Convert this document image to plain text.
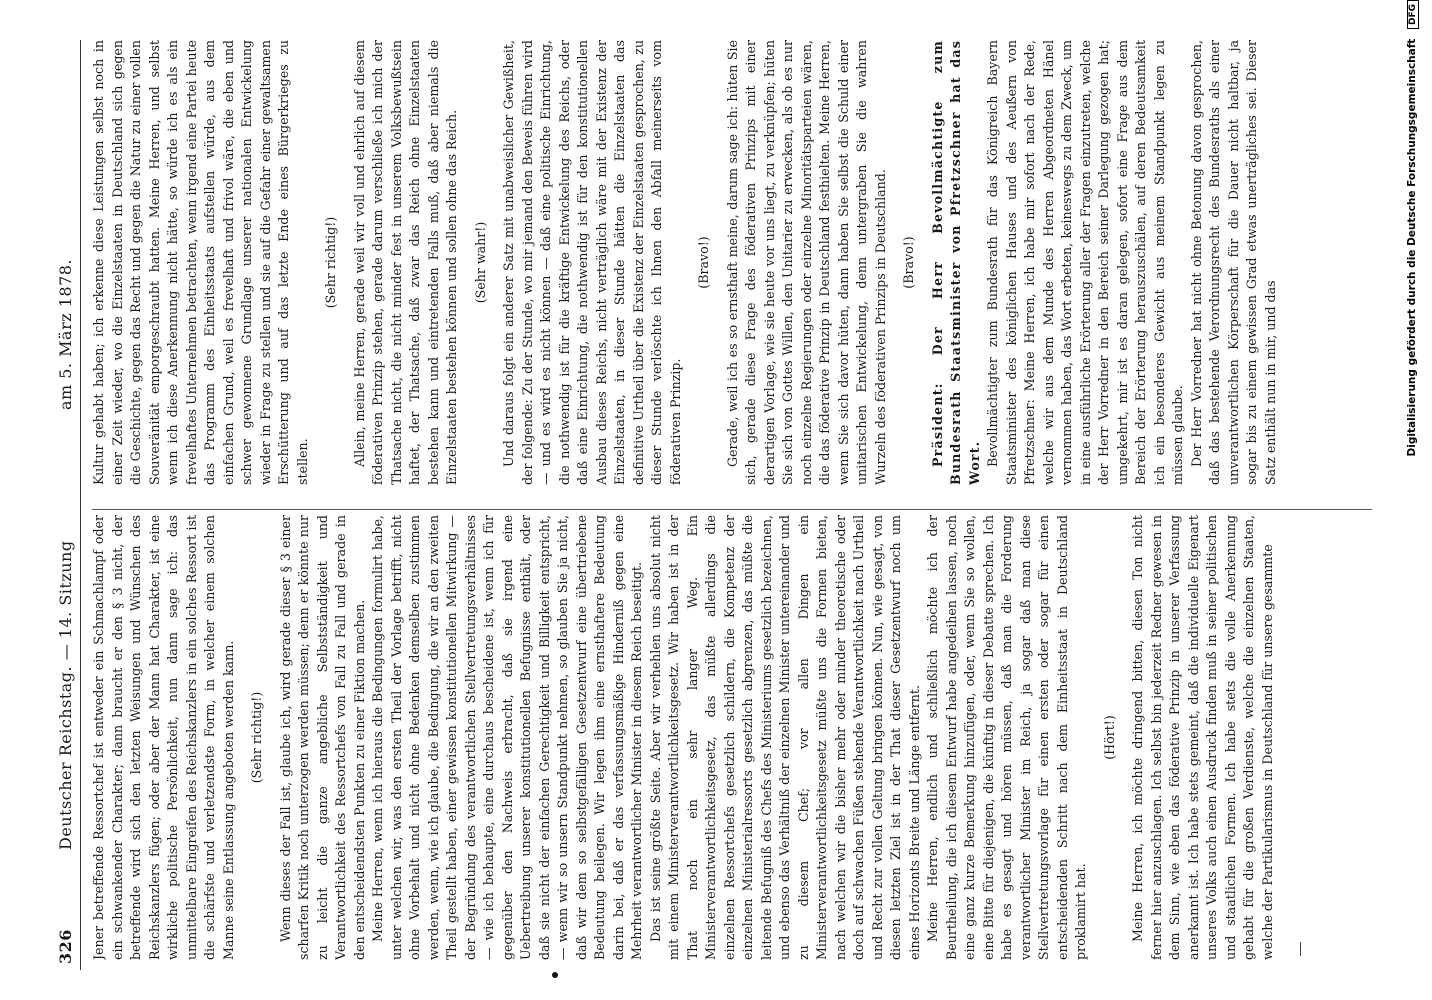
326
Deutscher Reichstag. — 14. Sitzung
am 5. März 1878.

Jener betreffende Ressortchef ist entweder ein Schmachlampf oder ein schwankender Charakter; dann braucht er den § 3 nicht, der betreffende wird sich den letzten Weisungen und Wünschen des Reichskanzlers fügen; oder aber der Mann hat Charakter, ist eine wirkliche politische Persönlichkeit, nun dann sage ich: das unmittelbare Eingreifen des Reichskanzlers in ein solches Ressort ist die schärfste und verletzendste Form, in welcher einem solchen Manne seine Entlassung angeboten werden kann. (Sehr richtig!) Wenn dieses der Fall ist, glaube ich, wird gerade dieser § 3 einer scharfen Kritik noch unterzogen werden müssen; denn er könnte nur zu leicht die ganze angebliche Selbstständigkeit und Verantwortlichkeit des Ressortchefs von Fall zu Fall und gerade in den entscheidendsten Punkten zu einer Fiktion machen. Meine Herren, wenn ich hieraus die Bedingungen formulirt habe, unter welchen wir, was den ersten Theil der Vorlage betrifft, nicht ohne Vorbehalt und nicht ohne Bedenken demselben zustimmen werden, wenn, wie ich glaube, die Bedingung, die wir an den zweiten Theil gestellt haben, einer gewissen konstitutionellen Mitwirkung — der Begründung des verantwortlichen Stellvertretungsverhältnisses — wie ich behaupte, eine durchaus bescheidene ist, wenn ich für gegenüber den Nachweis erbracht, daß sie irgend eine Uebertreibung unserer konstitutionellen Befugnisse enthält, oder daß sie nicht der einfachen Gerechtigkeit und Billigkeit entspricht, — wenn wir so unsern Standpunkt nehmen, so glauben Sie ja nicht, daß wir dem so selbstgefälligen Gesetzentwurf eine übertriebene Bedeutung beilegen. Wir legen ihm eine ernsthaftere Bedeutung darin bei, daß er das verfassungsmäßige Hinderniß gegen eine Mehrheit verantwortlicher Minister in diesem Reich beseitigt. Das ist seine größte Seite. Aber wir verhehlen uns absolut nicht mit einem Ministerverantwortlichkeitsgesetz. Wir haben ist in der That noch ein sehr langer Weg. Ein Ministerverantwortlichkeitsgesetz, das müßte allerdings die einzelnen Ressortchefs gesetzlich schildern, die Kompetenz der einzelnen Ministerialressorts gesetzlich abgrenzen, das müßte die leitende Befugniß des Chefs des Ministeriums gesetzlich bezeichnen, und ebenso das Verhältniß der einzelnen Minister untereinander und zu diesem Chef; vor allen Dingen ein Ministerverantwortlichkeitsgesetz müßte uns die Formen bieten, nach welchen wir die bisher mehr oder minder theoretische oder doch auf schwachen Füßen stehende Verantwortlichkeit nach Urtheil und Recht zur vollen Geltung bringen können. Nun, wie gesagt, von diesen letzten Ziel ist in der That dieser Gesetzentwurf noch um eines Horizonts Breite und Länge entfernt. Meine Herren, endlich und schließlich möchte ich der Beurtheilung, die ich diesem Entwurf habe angedeihen lassen, noch eine ganz kurze Bemerkung hinzufügen, oder, wenn Sie so wollen, eine Bitte für diejenigen, die künftig in dieser Debatte sprechen. Ich habe es gesagt und hören müssen, daß man die Forderung verantwortlicher Minister im Reich, ja sogar daß man diese Stellvertretungsvorlage für einen ersten oder sogar für einen entscheidenden Schritt nach dem Einheitsstaat in Deutschland proklamirt hat.

(Hört!) Meine Herren, ich möchte dringend bitten, diesen Ton nicht ferner hier anzuschlagen. Ich selbst bin jederzeit Redner gewesen in dem Sinn, wie eben das föderative Prinzip in unserer Verfassung anerkannt ist. Ich habe stets gemeint, daß die individuelle Eigenart unseres Volks auch einen Ausdruck finden muß in seiner politischen und staatlichen Formen. Ich habe stets die volle Anerkennung gehabt für die großen Verdienste, welche die einzelnen Staaten, welche der Partikularismus in Deutschland für unsere gesammte

Kultur gehabt haben; ich erkenne diese Leistungen selbst noch in einer Zeit wieder, wo die Einzelstaaten in Deutschland sich gegen die Geschichte, gegen das Recht und gegen die Natur zu einer vollen Souveränität emporgeschraubt hatten. Meine Herren, und selbst wenn ich diese Anerkennung nicht hätte, so würde ich es als ein frevelhaftes Unternehmen betrachten, wenn irgend eine Partei heute das Programm des Einheitsstaats aufstellen würde, aus dem einfachen Grund, weil es frevelhaft und frivol wäre, die eben und schwer gewonnene Grundlage unserer nationalen Entwickelung wieder in Frage zu stellen und sie auf die Gefahr einer gewaltsamen Erschütterung und auf das letzte Ende eines Bürgerkrieges zu stellen.

(Sehr richtig!) Allein, meine Herren, gerade weil wir voll und ehrlich auf diesem föderativen Prinzip stehen, gerade darum verschließe ich mich der Thatsache nicht, die nicht minder fest in unserem Volksbewußtsein haftet, der Thatsache, daß zwar das Reich ohne Einzelstaaten bestehen kann und eintretenden Falls muß, daß aber niemals die Einzelstaaten bestehen können und sollen ohne das Reich. (Sehr wahr!) Und daraus folgt ein anderer Satz mit unabweislicher Gewißheit, der folgende: Zu der Stunde, wo mir jemand den Beweis führen wird — und es wird es nicht können — daß eine politische Einrichtung, die nothwendig ist für die kräftige Entwickelung des Reichs, oder daß eine Einrichtung, die nothwendig ist für den konstitutionellen Ausbau dieses Reichs, nicht verträglich wäre mit der Existenz der Einzelstaaten, in dieser Stunde hätten die Einzelstaaten das definitive Urtheil über die Existenz der Einzelstaaten gesprochen, zu dieser Stunde verlöschte ich Ihnen den Abfall meinerseits vom föderativen Prinzip.

(Bravo!) Gerade, weil ich es so ernsthaft meine, darum sage ich: hüten Sie sich, gerade diese Frage des föderativen Prinzips mit einer derartigen Vorlage, wie sie heute vor uns liegt, zu verknüpfen; hüten Sie sich von Gottes Willen, den Unitarier zu erwecken, als ob es nur noch einzelne Regierungen oder einzelne Minoritätsparteien wären, die das föderative Prinzip in Deutschland festhielten. Meine Herren, wenn Sie sich davor hüten, dann haben Sie selbst die Schuld einer unitarischen Entwickelung, denn untergraben Sie die wahren Wurzeln des föderativen Prinzips in Deutschland. (Bravo!) Präsident: Der Herr Bevollmächtigte zum Bundesrath Staatsminister von Pfretzschner hat das Wort. Bevollmächtigter zum Bundesrath für das Königreich Bayern Staatsminister des königlichen Hauses und des Aeußern von Pfretzschner: Meine Herren, ich habe mir sofort nach der Rede, welche wir aus dem Munde des Herren Abgeordneten Hänel vernommen haben, das Wort erbeten, keineswegs zu dem Zweck, um in eine ausführliche Erörterung aller der Fragen einzutreten, welche der Herr Vorredner in den Bereich seiner Darlegung gezogen hat; umgekehrt, mir ist es daran gelegen, sofort eine Frage aus dem Bereich der Erörterung herauszuschälen, auf deren Bedeutsamkeit ich ein besonderes Gewicht aus meinem Standpunkt legen zu müssen glaube. Der Herr Vorredner hat nicht ohne Betonung davon gesprochen, daß das bestehende Verordnungsrecht des Bundesraths als einer unverantwortlichen Körperschaft für die Dauer nicht haltbar, ja sogar bis zu einem gewissen Grad etwas unerträgliches sei. Dieser Satz enthält nun in mir, und das	Digitalisierung gefördert durch die Deutsche Forschungsgemeinschaft DFG
